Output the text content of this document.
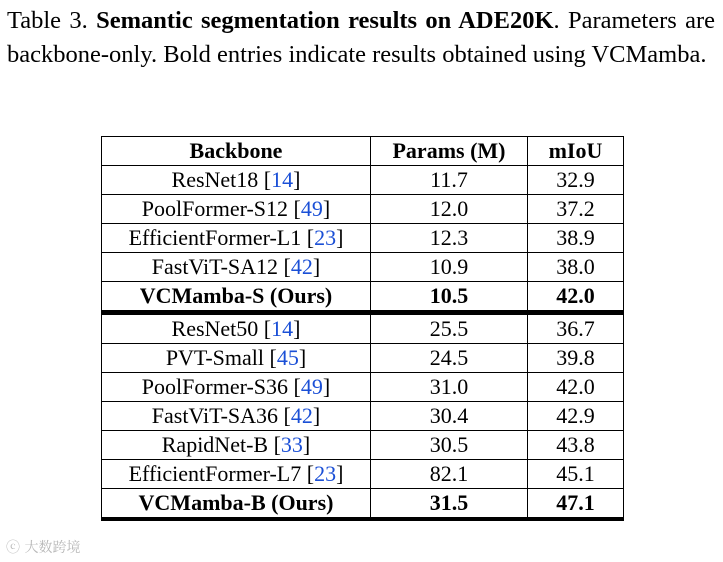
Table 3. Semantic segmentation results on ADE20K. Parameters are backbone-only. Bold entries indicate results obtained using VCMamba.
Backbone	Params (M)	mIoU
ResNet18 [14]	11.7	32.9
PoolFormer-S12 [49]	12.0	37.2
EfficientFormer-L1 [23]	12.3	38.9
FastViT-SA12 [42]	10.9	38.0
VCMamba-S (Ours)	10.5	42.0
ResNet50 [14]	25.5	36.7
PVT-Small [45]	24.5	39.8
PoolFormer-S36 [49]	31.0	42.0
FastViT-SA36 [42]	30.4	42.9
RapidNet-B [33]	30.5	43.8
EfficientFormer-L7 [23]	82.1	45.1
VCMamba-B (Ours)	31.5	47.1
ⓒ 大数跨境
